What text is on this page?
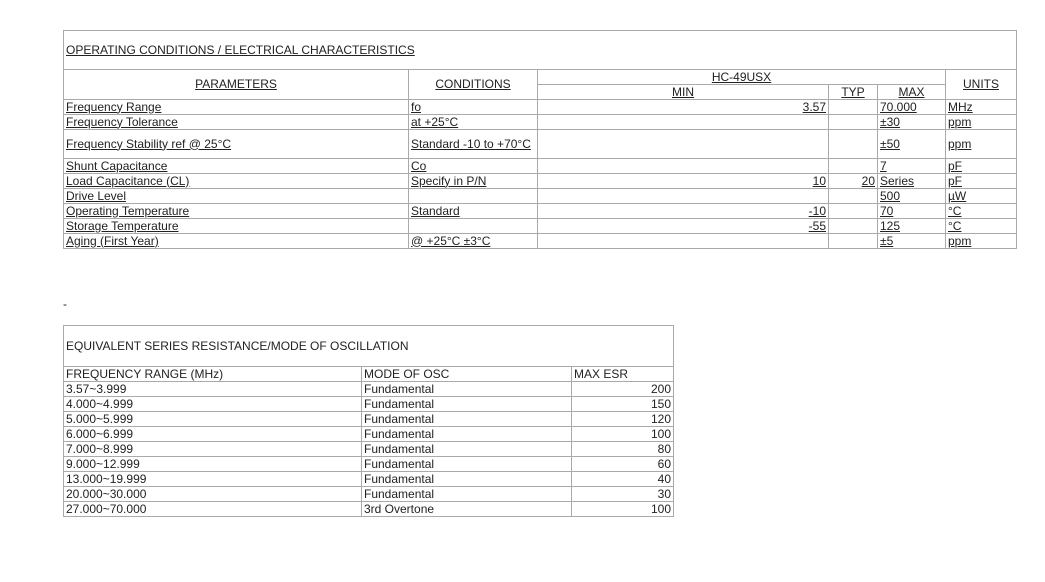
OPERATING CONDITIONS / ELECTRICAL CHARACTERISTICS					
PARAMETERS	CONDITIONS	HC-49USX			UNITS
		MIN	TYP	MAX	
Frequency Range	fo	3.57		70.000	MHz
Frequency Tolerance	at +25°C			±30	ppm
Frequency Stability ref @ 25°C	Standard -10 to +70°C			±50	ppm
Shunt Capacitance	Co			7	pF
Load Capacitance (CL)	Specify in P/N	10	20	Series	pF
Drive Level				500	µW
Operating Temperature	Standard	-10		70	°C
Storage Temperature		-55		125	°C
Aging (First Year)	@ +25°C ±3°C			±5	ppm
-
EQUIVALENT SERIES RESISTANCE/MODE OF OSCILLATION		
FREQUENCY RANGE (MHz)	MODE OF OSC	MAX ESR
3.57~3.999	Fundamental	200
4.000~4.999	Fundamental	150
5.000~5.999	Fundamental	120
6.000~6.999	Fundamental	100
7.000~8.999	Fundamental	80
9.000~12.999	Fundamental	60
13.000~19.999	Fundamental	40
20.000~30.000	Fundamental	30
27.000~70.000	3rd Overtone	100
